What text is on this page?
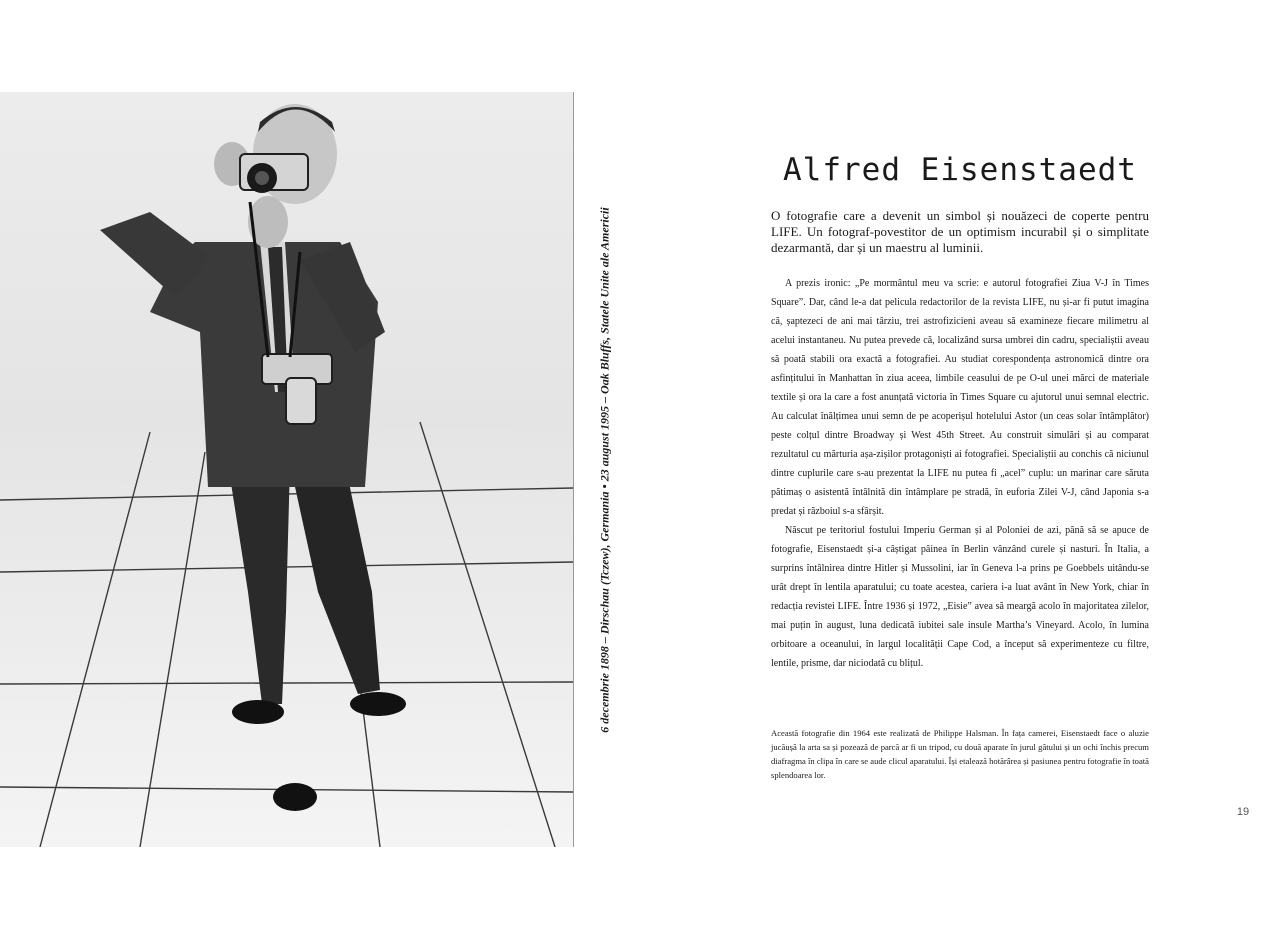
6 decembrie 1898 – Dirschau (Tczew), Germania • 23 august 1995 – Oak Bluffs, Statele Unite ale Americii
Alfred Eisenstaedt

O fotografie care a devenit un simbol și nouăzeci de coperte pentru LIFE. Un fotograf-povestitor de un optimism incurabil și o simplitate dezarmantă, dar și un maestru al luminii.

A prezis ironic: „Pe mormântul meu va scrie: e autorul fotografiei Ziua V-J în Times Square”. Dar, când le-a dat pelicula redactorilor de la revista LIFE, nu și-ar fi putut imagina că, șaptezeci de ani mai târziu, trei astrofizicieni aveau să examineze fiecare milimetru al acelui instantaneu. Nu putea prevede că, localizând sursa umbrei din cadru, specialiștii aveau să poată stabili ora exactă a fotografiei. Au studiat corespondența astronomică dintre ora asfințitului în Manhattan în ziua aceea, limbile ceasului de pe O-ul unei mărci de materiale textile și ora la care a fost anunțată victoria în Times Square cu ajutorul unui semnal electric. Au calculat înălțimea unui semn de pe acoperișul hotelului Astor (un ceas solar întâmplător) peste colțul dintre Broadway și West 45th Street. Au construit simulări și au comparat rezultatul cu mărturia așa-zișilor protagoniști ai fotografiei. Specialiștii au conchis că niciunul dintre cuplurile care s-au prezentat la LIFE nu putea fi „acel” cuplu: un marinar care săruta pătimaș o asistentă întâlnită din întâmplare pe stradă, în euforia Zilei V-J, când Japonia s-a predat și războiul s-a sfârșit.

Născut pe teritoriul fostului Imperiu German și al Poloniei de azi, până să se apuce de fotografie, Eisenstaedt și-a câștigat pâinea în Berlin vânzând curele și nasturi. În Italia, a surprins întâlnirea dintre Hitler și Mussolini, iar în Geneva l-a prins pe Goebbels uitându-se urât drept în lentila aparatului; cu toate acestea, cariera i-a luat avânt în New York, chiar în redacția revistei LIFE. Între 1936 și 1972, „Eisie” avea să meargă acolo în majoritatea zilelor, mai puțin în august, luna dedicată iubitei sale insule Martha’s Vineyard. Acolo, în lumina orbitoare a oceanului, în largul localității Cape Cod, a început să experimenteze cu filtre, lentile, prisme, dar niciodată cu blițul.

Această fotografie din 1964 este realizată de Philippe Halsman. În fața camerei, Eisenstaedt face o aluzie jucăușă la arta sa și pozează de parcă ar fi un tripod, cu două aparate în jurul gâtului și un ochi închis precum diafragma în clipa în care se aude clicul aparatului. Își etalează hotărârea și pasiunea pentru fotografie în toată splendoarea lor.

19
